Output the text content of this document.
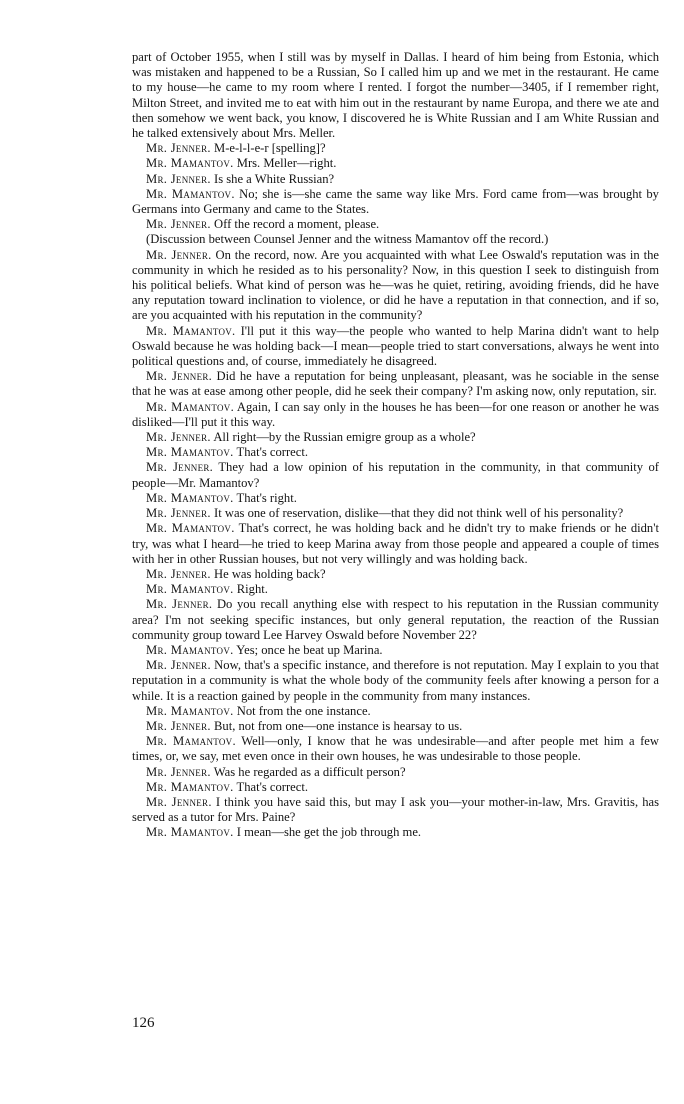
part of October 1955, when I still was by myself in Dallas. I heard of him being from Estonia, which was mistaken and happened to be a Russian, So I called him up and we met in the restaurant. He came to my house—he came to my room where I rented. I forgot the number—3405, if I remember right, Milton Street, and invited me to eat with him out in the restaurant by name Europa, and there we ate and then somehow we went back, you know, I discovered he is White Russian and I am White Russian and he talked extensively about Mrs. Meller.

Mr. Jenner. M-e-l-l-e-r [spelling]?

Mr. Mamantov. Mrs. Meller—right.

Mr. Jenner. Is she a White Russian?

Mr. Mamantov. No; she is—she came the same way like Mrs. Ford came from—was brought by Germans into Germany and came to the States.

Mr. Jenner. Off the record a moment, please.

(Discussion between Counsel Jenner and the witness Mamantov off the record.)

Mr. Jenner. On the record, now. Are you acquainted with what Lee Oswald's reputation was in the community in which he resided as to his personality? Now, in this question I seek to distinguish from his political beliefs. What kind of person was he—was he quiet, retiring, avoiding friends, did he have any reputation toward inclination to violence, or did he have a reputation in that connection, and if so, are you acquainted with his reputation in the community?

Mr. Mamantov. I'll put it this way—the people who wanted to help Marina didn't want to help Oswald because he was holding back—I mean—people tried to start conversations, always he went into political questions and, of course, immediately he disagreed.

Mr. Jenner. Did he have a reputation for being unpleasant, pleasant, was he sociable in the sense that he was at ease among other people, did he seek their company? I'm asking now, only reputation, sir.

Mr. Mamantov. Again, I can say only in the houses he has been—for one reason or another he was disliked—I'll put it this way.

Mr. Jenner. All right—by the Russian emigre group as a whole?

Mr. Mamantov. That's correct.

Mr. Jenner. They had a low opinion of his reputation in the community, in that community of people—Mr. Mamantov?

Mr. Mamantov. That's right.

Mr. Jenner. It was one of reservation, dislike—that they did not think well of his personality?

Mr. Mamantov. That's correct, he was holding back and he didn't try to make friends or he didn't try, was what I heard—he tried to keep Marina away from those people and appeared a couple of times with her in other Russian houses, but not very willingly and was holding back.

Mr. Jenner. He was holding back?

Mr. Mamantov. Right.

Mr. Jenner. Do you recall anything else with respect to his reputation in the Russian community area? I'm not seeking specific instances, but only general reputation, the reaction of the Russian community group toward Lee Harvey Oswald before November 22?

Mr. Mamantov. Yes; once he beat up Marina.

Mr. Jenner. Now, that's a specific instance, and therefore is not reputation. May I explain to you that reputation in a community is what the whole body of the community feels after knowing a person for a while. It is a reaction gained by people in the community from many instances.

Mr. Mamantov. Not from the one instance.

Mr. Jenner. But, not from one—one instance is hearsay to us.

Mr. Mamantov. Well—only, I know that he was undesirable—and after people met him a few times, or, we say, met even once in their own houses, he was undesirable to those people.

Mr. Jenner. Was he regarded as a difficult person?

Mr. Mamantov. That's correct.

Mr. Jenner. I think you have said this, but may I ask you—your mother-in-law, Mrs. Gravitis, has served as a tutor for Mrs. Paine?

Mr. Mamantov. I mean—she get the job through me.

126
